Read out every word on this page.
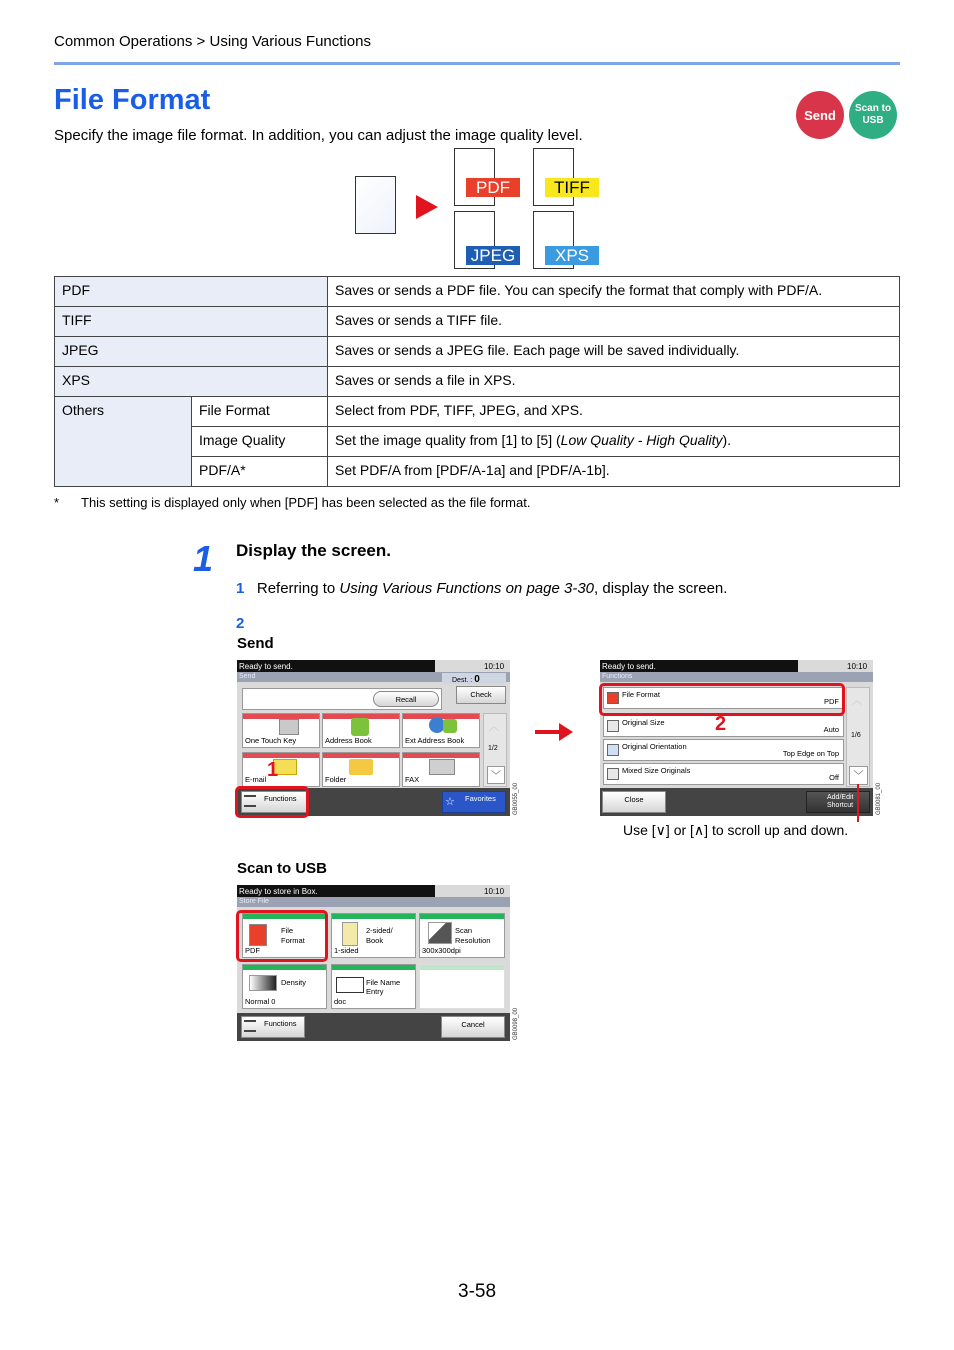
Common Operations > Using Various Functions
File Format
Specify the image file format. In addition, you can adjust the image quality level.
Send Scan to
USB
PDF	TIFF
JPEG	XPS
PDF		Saves or sends a PDF file. You can specify the format that comply with PDF/A.
TIFF		Saves or sends a TIFF file.
JPEG		Saves or sends a JPEG file. Each page will be saved individually.
XPS		Saves or sends a file in XPS.
Others	File Format	Select from PDF, TIFF, JPEG, and XPS.
	Image Quality	Set the image quality from [1] to [5] (Low Quality - High Quality).
	PDF/A*	Set PDF/A from [PDF/A-1a] and [PDF/A-1b].
* This setting is displayed only when [PDF] has been selected as the file format.
1 Display the screen.
1 Referring to Using Various Functions on page 3-30, display the screen.
2
Send
Ready to send.	10:10
Send
Dest. : 0
Recall
Check
One Touch Key	Address Book	Ext Address Book
E-mail	Folder	FAX
︿
1/2
﹀
Functions	Favorites
☆	GB0055_00
1
Ready to send.	10:10
Functions
File Format
PDF
Original Size
Auto
Original Orientation
Top Edge on Top
Mixed Size Originals
Off
︿
1/6
﹀
Close	Add/Edit
Shortcut	GB0081_00
2
Use [∨] or [∧] to scroll up and down.
Scan to USB
Ready to store in Box.	10:10
Store File
File
Format
PDF
2-sided/
Book
1-sided
Scan
Resolution
300x300dpi
Density
Normal 0
File Name
Entry
doc
Functions	Cancel	GB0098_00
3-58
